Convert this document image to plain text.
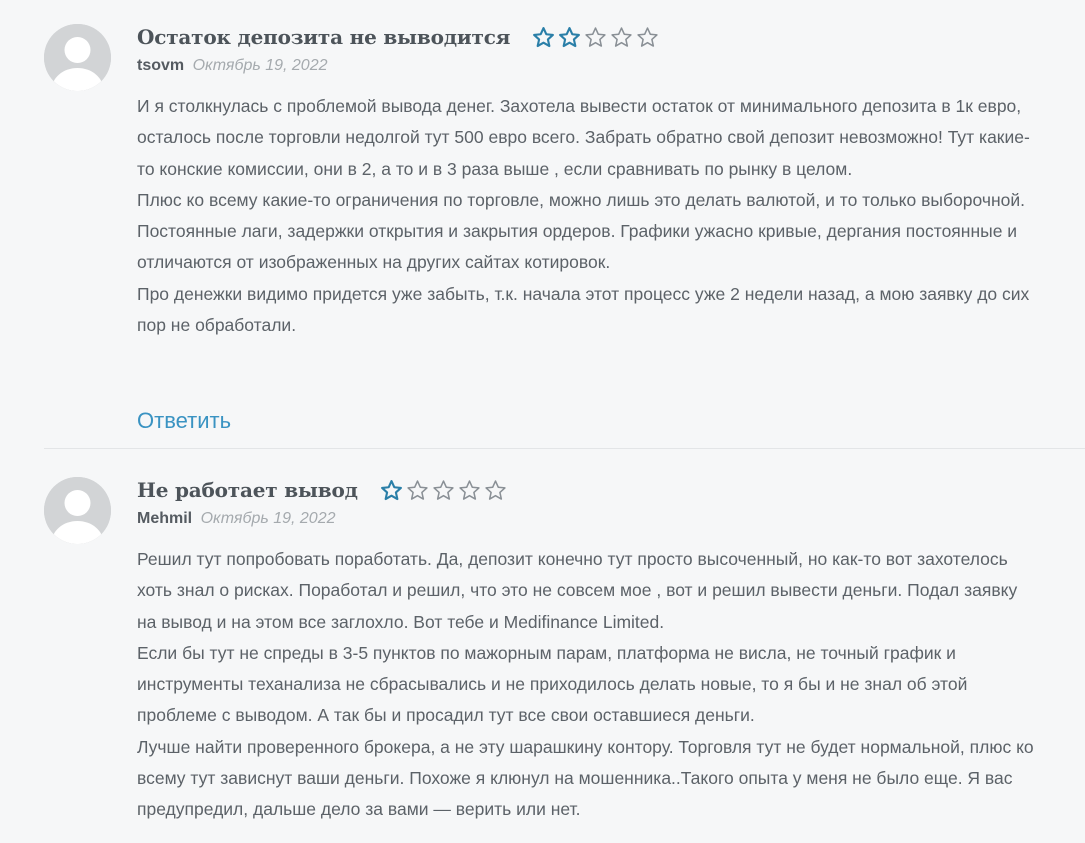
Остаток депозита не выводится
tsovm Октябрь 19, 2022

И я столкнулась с проблемой вывода денег. Захотела вывести остаток от минимального депозита в 1к евро, осталось после торговли недолгой тут 500 евро всего. Забрать обратно свой депозит невозможно! Тут какие-то конские комиссии, они в 2, а то и в 3 раза выше , если сравнивать по рынку в целом.

Плюс ко всему какие-то ограничения по торговле, можно лишь это делать валютой, и то только выборочной. Постоянные лаги, задержки открытия и закрытия ордеров. Графики ужасно кривые, дергания постоянные и отличаются от изображенных на других сайтах котировок.

Про денежки видимо придется уже забыть, т.к. начала этот процесс уже 2 недели назад, а мою заявку до сих пор не обработали.

Ответить
Не работает вывод
Mehmil Октябрь 19, 2022

Решил тут попробовать поработать. Да, депозит конечно тут просто высоченный, но как-то вот захотелось хоть знал о рисках. Поработал и решил, что это не совсем мое , вот и решил вывести деньги. Подал заявку на вывод и на этом все заглохло. Вот тебе и Medifinance Limited.

Если бы тут не спреды в 3-5 пунктов по мажорным парам, платформа не висла, не точный график и инструменты теханализа не сбрасывались и не приходилось делать новые, то я бы и не знал об этой проблеме с выводом. А так бы и просадил тут все свои оставшиеся деньги.

Лучше найти проверенного брокера, а не эту шарашкину контору. Торговля тут не будет нормальной, плюс ко всему тут зависнут ваши деньги. Похоже я клюнул на мошенника..Такого опыта у меня не было еще. Я вас предупредил, дальше дело за вами — верить или нет.
